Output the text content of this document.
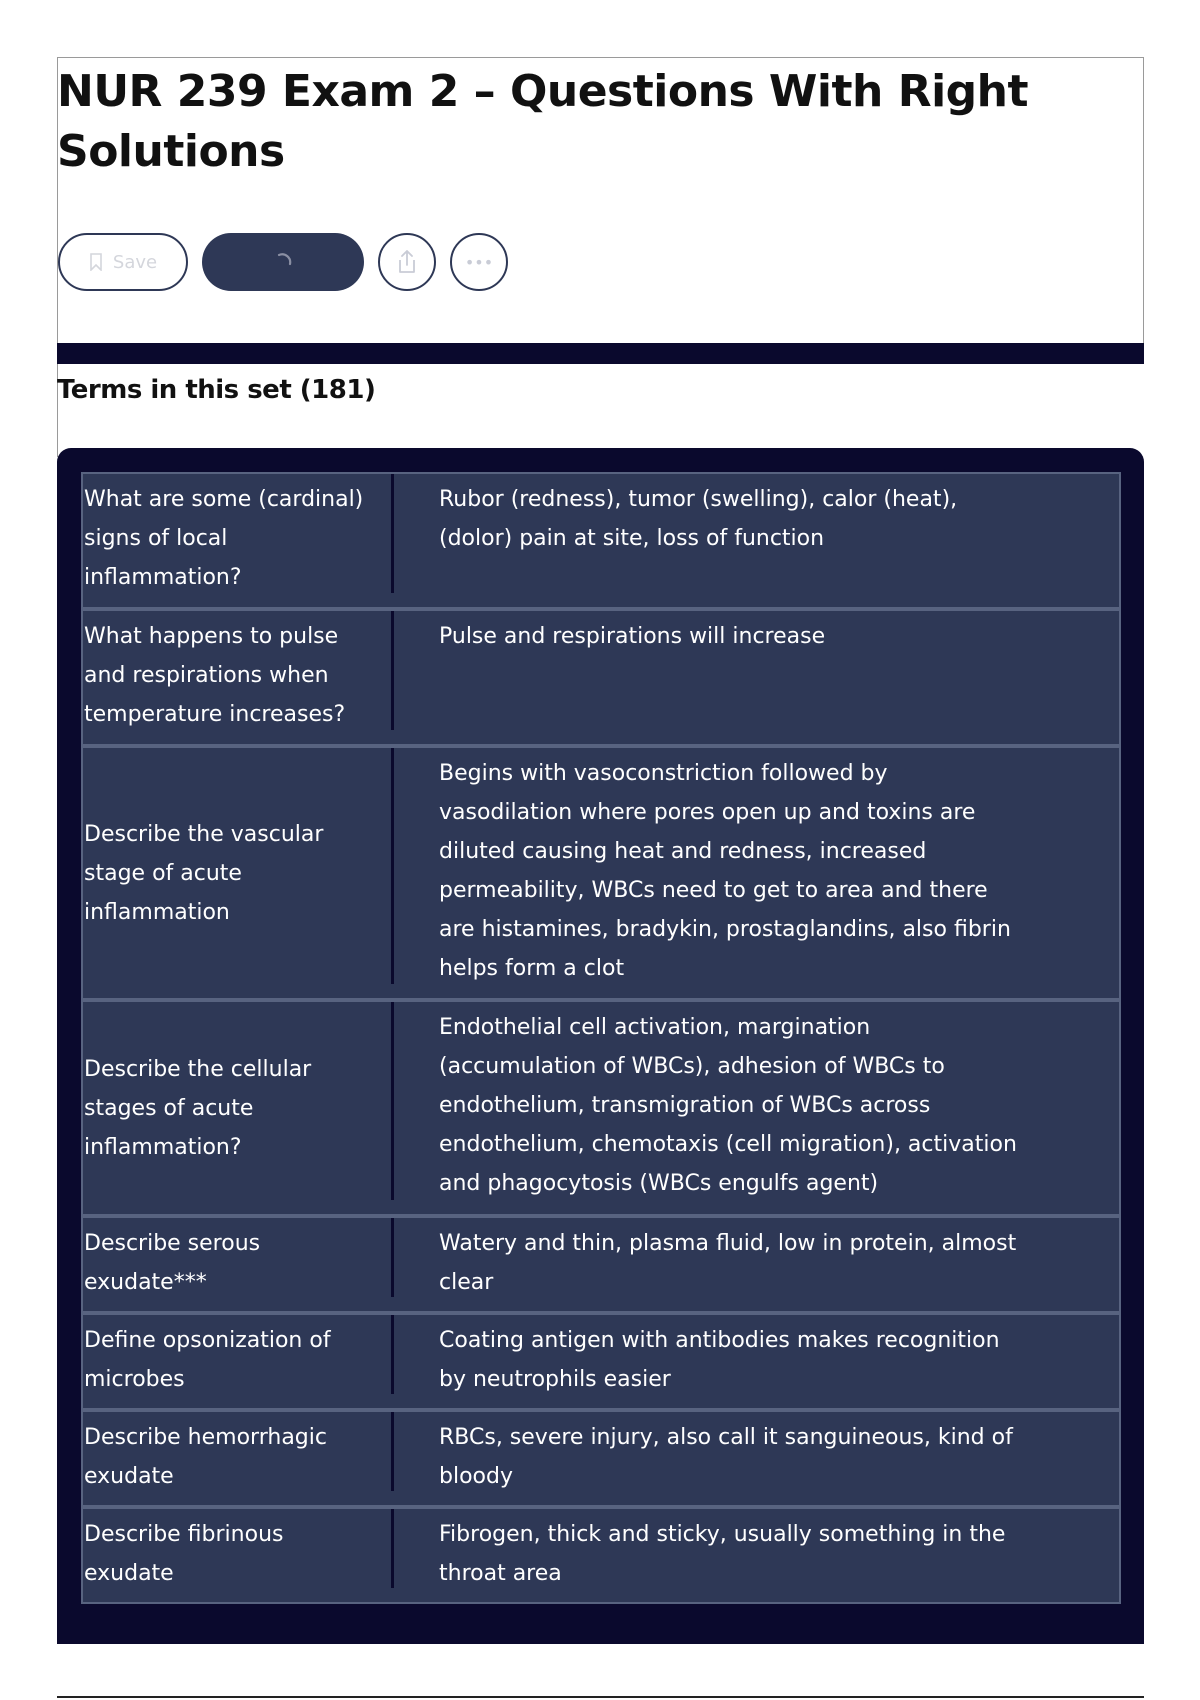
NUR 239 Exam 2 – Questions With Right Solutions
Save	•••
Terms in this set (181)
What are some (cardinal)
signs of local
inflammation?
Rubor (redness), tumor (swelling), calor (heat),
(dolor) pain at site, loss of function
What happens to pulse
and respirations when
temperature increases?
Pulse and respirations will increase
Describe the vascular
stage of acute
inflammation
Begins with vasoconstriction followed by
vasodilation where pores open up and toxins are
diluted causing heat and redness, increased
permeability, WBCs need to get to area and there
are histamines, bradykin, prostaglandins, also fibrin
helps form a clot
Describe the cellular
stages of acute
inflammation?
Endothelial cell activation, margination
(accumulation of WBCs), adhesion of WBCs to
endothelium, transmigration of WBCs across
endothelium, chemotaxis (cell migration), activation
and phagocytosis (WBCs engulfs agent)
Describe serous
exudate***
Watery and thin, plasma fluid, low in protein, almost
clear
Define opsonization of
microbes
Coating antigen with antibodies makes recognition
by neutrophils easier
Describe hemorrhagic
exudate
RBCs, severe injury, also call it sanguineous, kind of
bloody
Describe fibrinous
exudate
Fibrogen, thick and sticky, usually something in the
throat area
